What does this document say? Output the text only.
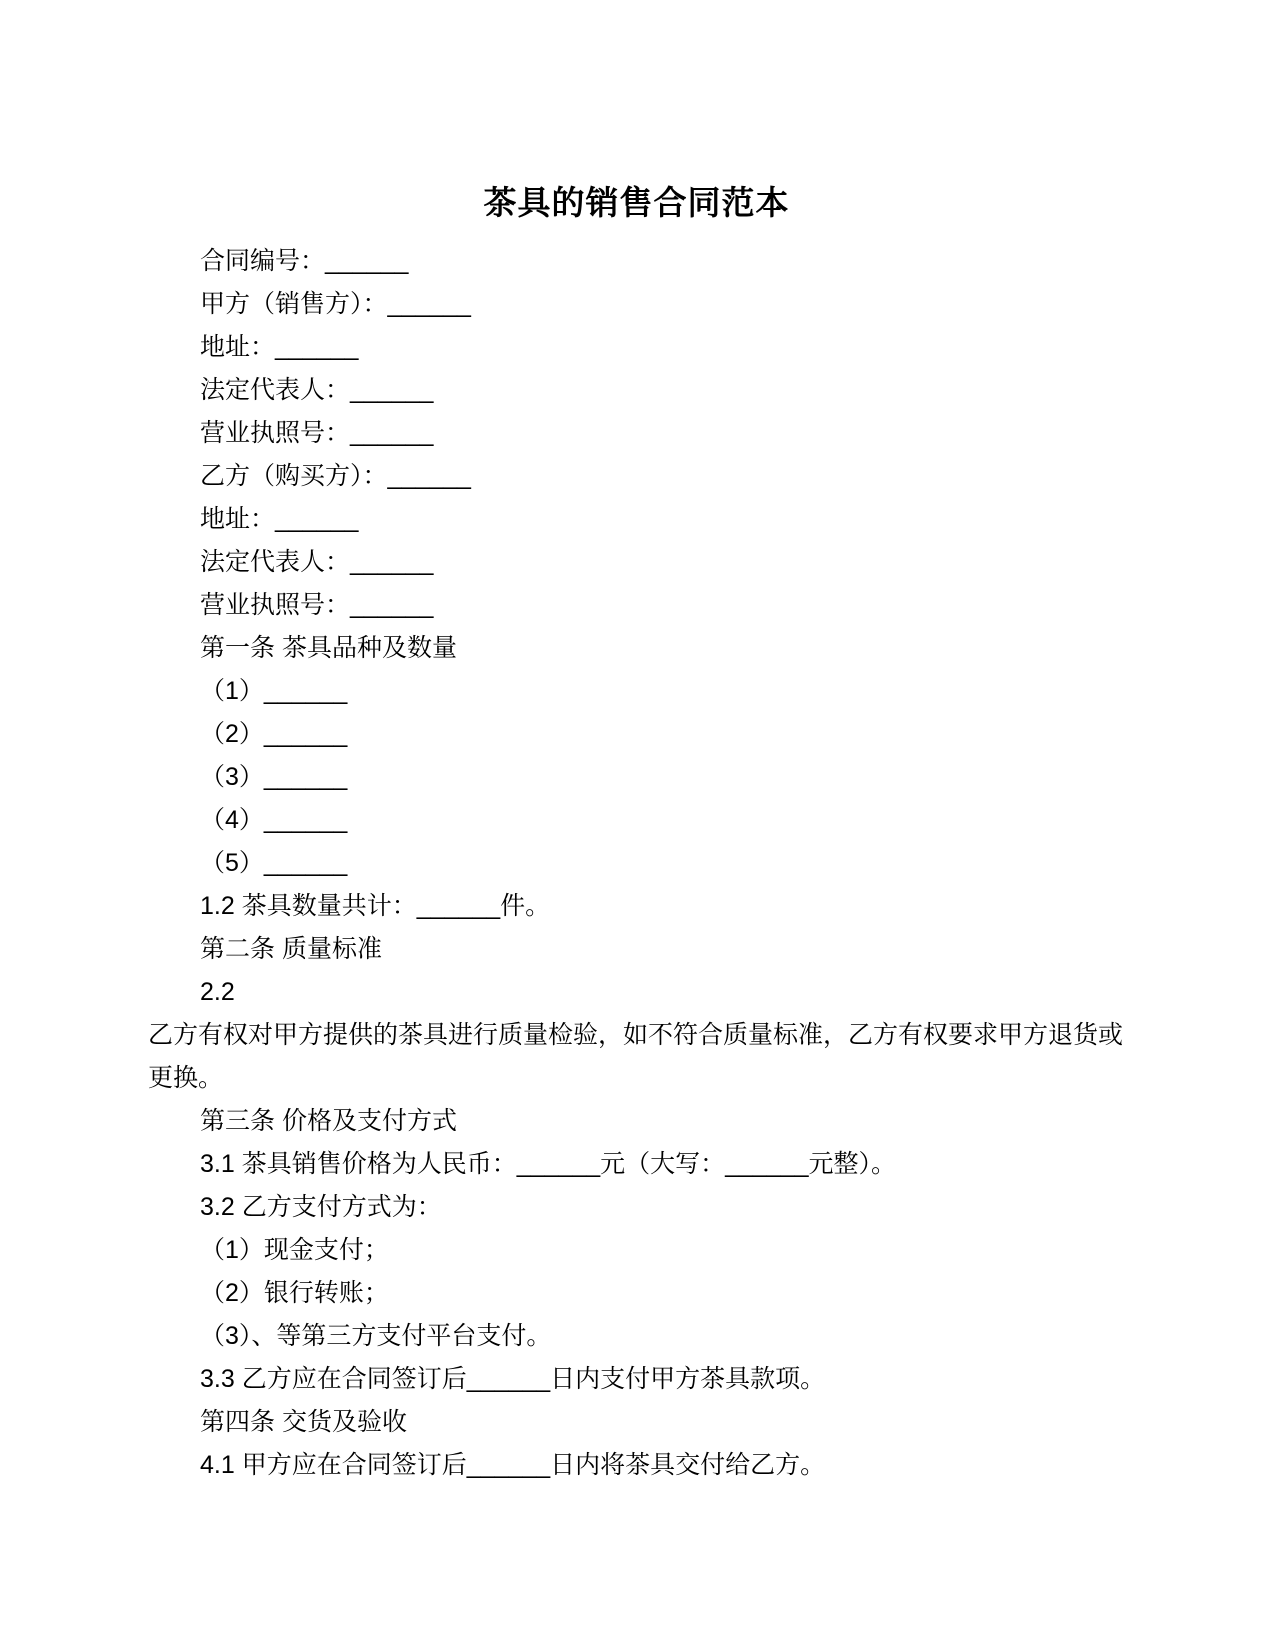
茶具的销售合同范本
合同编号：______
甲方（销售方）：______
地址：______
法定代表人：______
营业执照号：______
乙方（购买方）：______
地址：______
法定代表人：______
营业执照号：______
第一条 茶具品种及数量
（1）______
（2）______
（3）______
（4）______
（5）______
1.2 茶具数量共计：______件。
第二条 质量标准
2.2
乙方有权对甲方提供的茶具进行质量检验，如不符合质量标准，乙方有权要求甲方退货或
更换。
第三条 价格及支付方式
3.1 茶具销售价格为人民币：______元（大写：______元整）。
3.2 乙方支付方式为：
（1）现金支付；
（2）银行转账；
（3）、等第三方支付平台支付。
3.3 乙方应在合同签订后______日内支付甲方茶具款项。
第四条 交货及验收
4.1 甲方应在合同签订后______日内将茶具交付给乙方。
